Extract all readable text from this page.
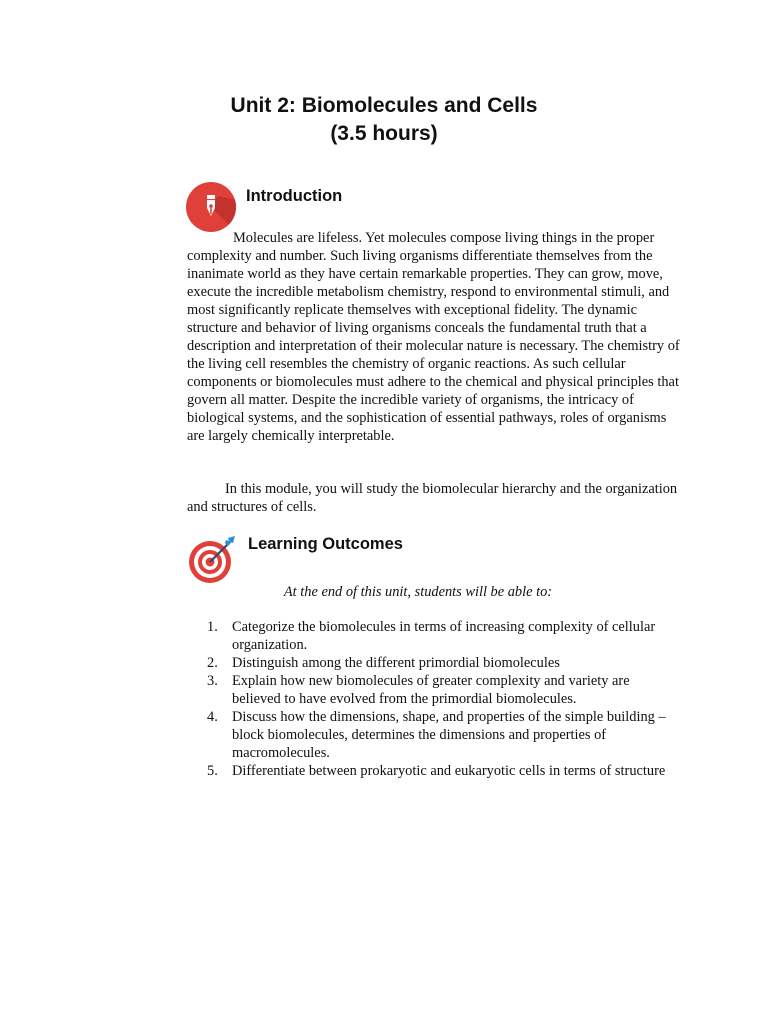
Unit 2: Biomolecules and Cells
(3.5 hours)
Introduction

Molecules are lifeless. Yet molecules compose living things in the proper complexity and number. Such living organisms differentiate themselves from the inanimate world as they have certain remarkable properties. They can grow, move, execute the incredible metabolism chemistry, respond to environmental stimuli, and most significantly replicate themselves with exceptional fidelity. The dynamic structure and behavior of living organisms conceals the fundamental truth that a description and interpretation of their molecular nature is necessary. The chemistry of the living cell resembles the chemistry of organic reactions. As such cellular components or biomolecules must adhere to the chemical and physical principles that govern all matter. Despite the incredible variety of organisms, the intricacy of biological systems, and the sophistication of essential pathways, roles of organisms are largely chemically interpretable.

In this module, you will study the biomolecular hierarchy and the organization and structures of cells.

Learning Outcomes

At the end of this unit, students will be able to:

1. Categorize the biomolecules in terms of increasing complexity of cellular organization.
2. Distinguish among the different primordial biomolecules
3. Explain how new biomolecules of greater complexity and variety are believed to have evolved from the primordial biomolecules.
4. Discuss how the dimensions, shape, and properties of the simple building – block biomolecules, determines the dimensions and properties of macromolecules.
5. Differentiate between prokaryotic and eukaryotic cells in terms of structure
